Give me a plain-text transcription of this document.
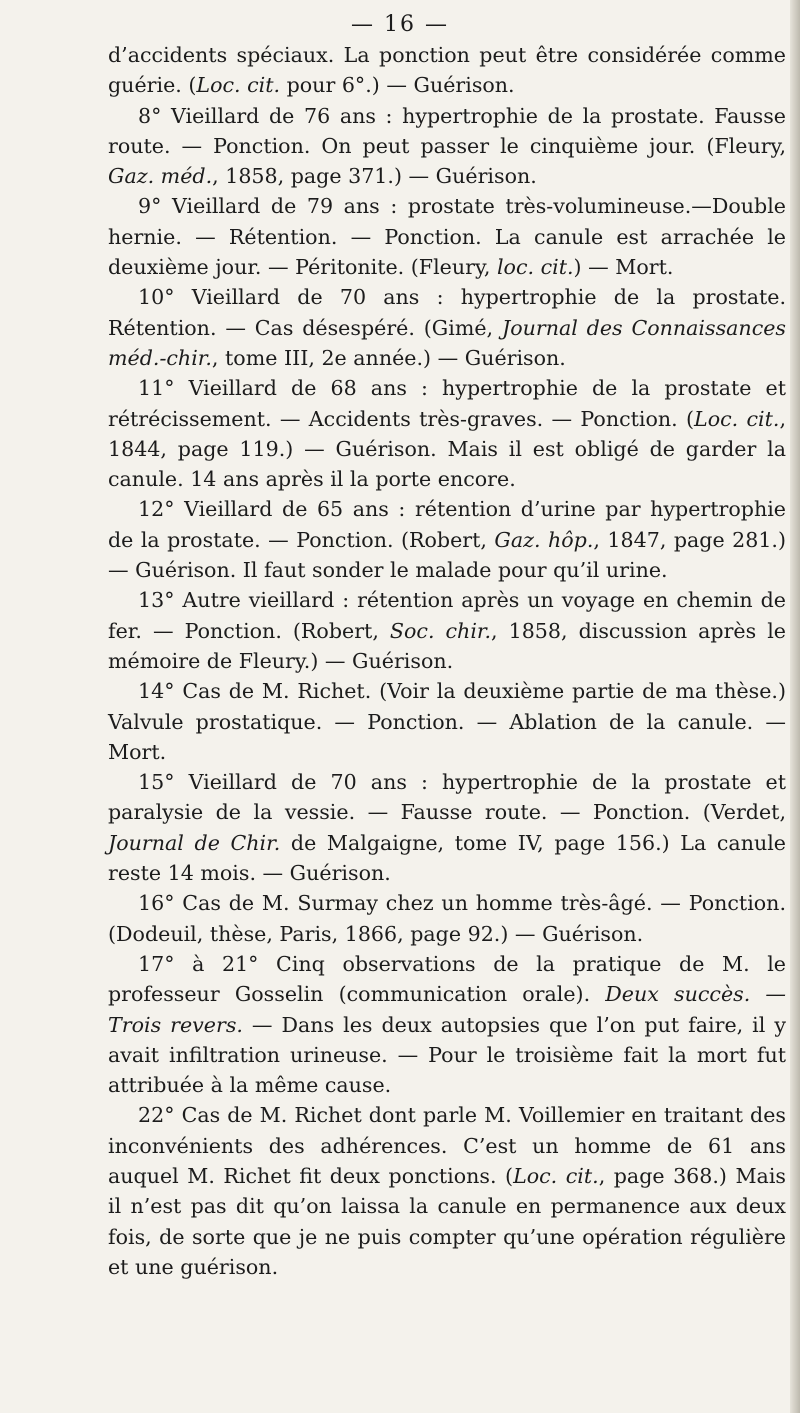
— 16 —

d’accidents spéciaux. La ponction peut être considérée comme guérie. (Loc. cit. pour 6°.) — Guérison.

8° Vieillard de 76 ans : hypertrophie de la prostate. Fausse route. — Ponction. On peut passer le cinquième jour. (Fleury, Gaz. méd., 1858, page 371.) — Guérison.

9° Vieillard de 79 ans : prostate très-volumineuse.—Double hernie. — Rétention. — Ponction. La canule est arrachée le deuxième jour. — Péritonite. (Fleury, loc. cit.) — Mort.

10° Vieillard de 70 ans : hypertrophie de la prostate. Rétention. — Cas désespéré. (Gimé, Journal des Connaissances méd.-chir., tome III, 2e année.) — Guérison.

11° Vieillard de 68 ans : hypertrophie de la prostate et rétrécissement. — Accidents très-graves. — Ponction. (Loc. cit., 1844, page 119.) — Guérison. Mais il est obligé de garder la canule. 14 ans après il la porte encore.

12° Vieillard de 65 ans : rétention d’urine par hypertrophie de la prostate. — Ponction. (Robert, Gaz. hôp., 1847, page 281.)— Guérison. Il faut sonder le malade pour qu’il urine.

13° Autre vieillard : rétention après un voyage en chemin de fer. — Ponction. (Robert, Soc. chir., 1858, discussion après le mémoire de Fleury.) — Guérison.

14° Cas de M. Richet. (Voir la deuxième partie de ma thèse.) Valvule prostatique. — Ponction. — Ablation de la canule. — Mort.

15° Vieillard de 70 ans : hypertrophie de la prostate et paralysie de la vessie. — Fausse route. — Ponction. (Verdet, Journal de Chir. de Malgaigne, tome IV, page 156.) La canule reste 14 mois. — Guérison.

16° Cas de M. Surmay chez un homme très-âgé. — Ponction. (Dodeuil, thèse, Paris, 1866, page 92.) — Guérison.

17° à 21° Cinq observations de la pratique de M. le professeur Gosselin (communication orale). Deux succès. — Trois revers. — Dans les deux autopsies que l’on put faire, il y avait infiltration urineuse. — Pour le troisième fait la mort fut attribuée à la même cause.

22° Cas de M. Richet dont parle M. Voillemier en traitant des inconvénients des adhérences. C’est un homme de 61 ans auquel M. Richet fit deux ponctions. (Loc. cit., page 368.) Mais il n’est pas dit qu’on laissa la canule en permanence aux deux fois, de sorte que je ne puis compter qu’une opération régulière et une guérison.
